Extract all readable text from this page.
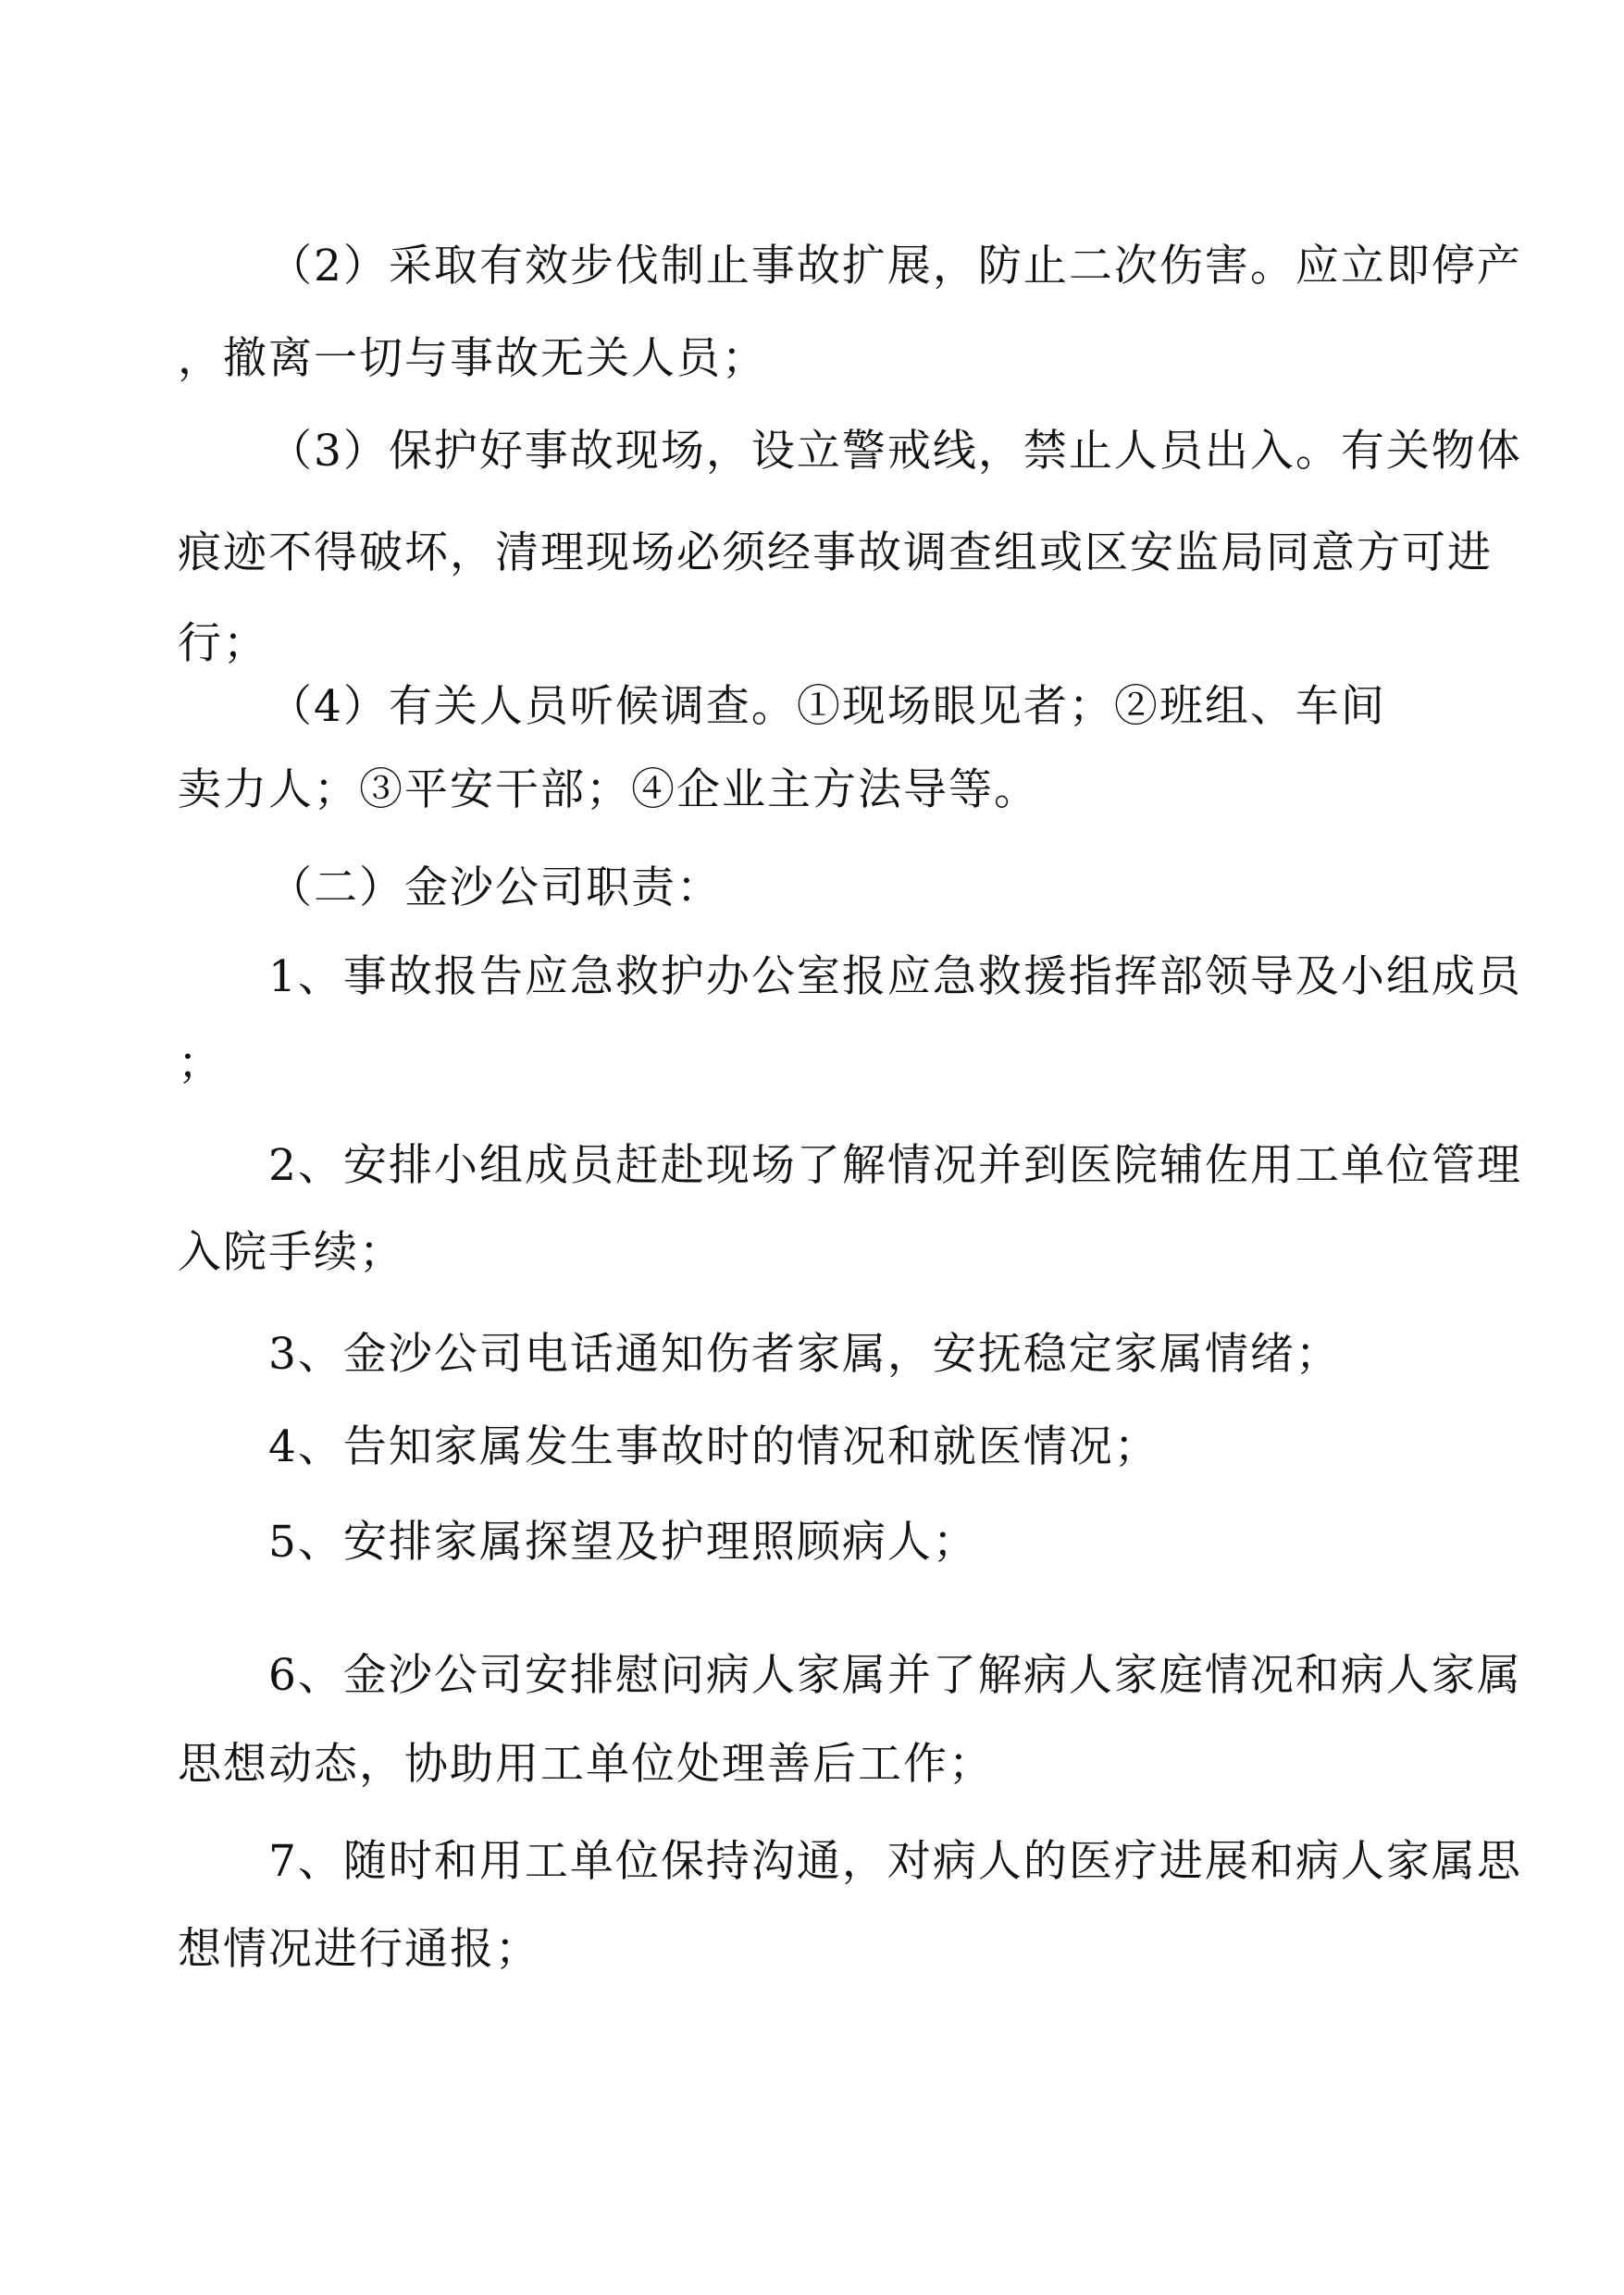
（2）采取有效步伐制止事故扩展，防止二次伤害。应立即停产
，撤离一切与事故无关人员；
（3）保护好事故现场，设立警戒线，禁止人员出入。有关物体
痕迹不得破坏，清理现场必须经事故调查组或区安监局同意方可进
行；
（4）有关人员听候调查。①现场眼见者；②班组、车间
卖力人；③平安干部；④企业主方法导等。
（二）金沙公司职责：
1、事故报告应急救护办公室报应急救援指挥部领导及小组成员
；
2、安排小组成员赶赴现场了解情况并到医院辅佐用工单位管理
入院手续；
3、金沙公司电话通知伤者家属，安抚稳定家属情绪；
4、告知家属发生事故时的情况和就医情况；
5、安排家属探望及护理照顾病人；
6、金沙公司安排慰问病人家属并了解病人家庭情况和病人家属
思想动态，协助用工单位处理善后工作；
7、随时和用工单位保持沟通，对病人的医疗进展和病人家属思
想情况进行通报；
